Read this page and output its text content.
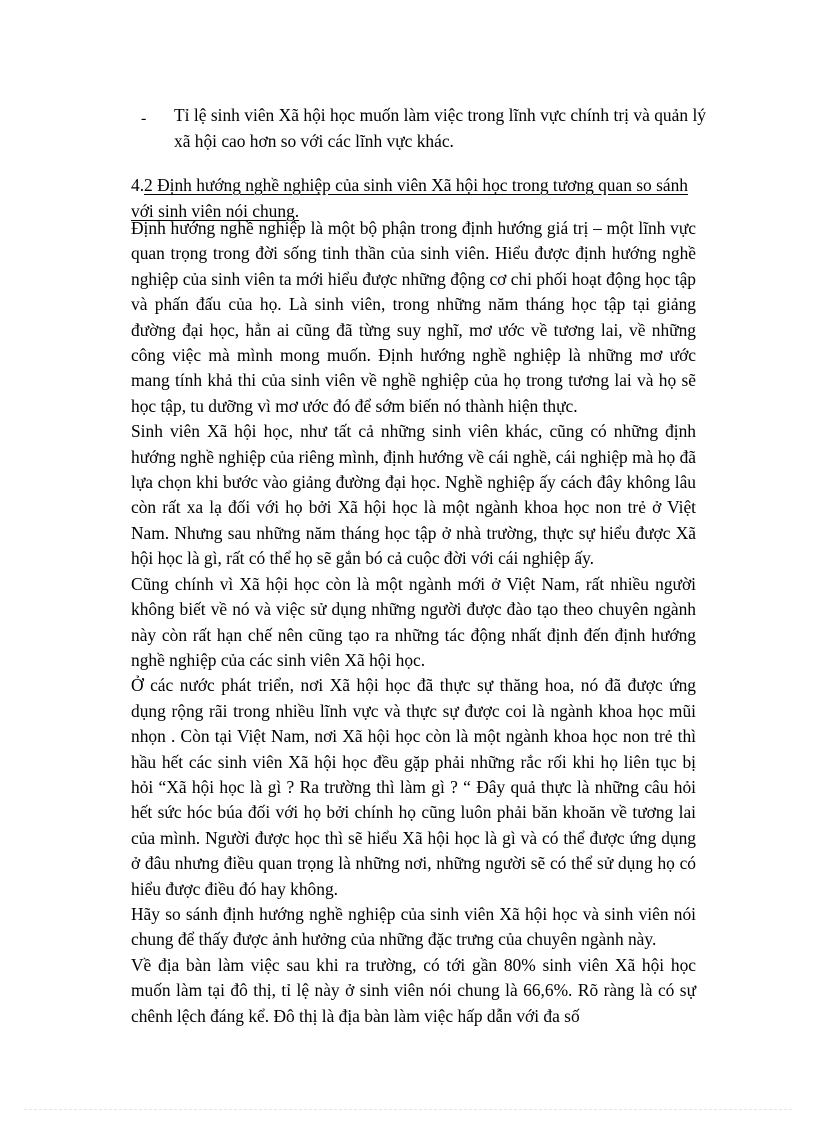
- Tỉ lệ sinh viên Xã hội học muốn làm việc trong lĩnh vực chính trị và quản lý xã hội cao hơn so với các lĩnh vực khác.
4.2 Định hướng nghề nghiệp của sinh viên Xã hội học trong tương quan so sánh với sinh viên nói chung.

Định hướng nghề nghiệp là một bộ phận trong định hướng giá trị – một lĩnh vực quan trọng trong đời sống tinh thần của sinh viên. Hiểu được định hướng nghề nghiệp của sinh viên ta mới hiểu được những động cơ chi phối hoạt động học tập và phấn đấu của họ. Là sinh viên, trong những năm tháng học tập tại giảng đường đại học, hẳn ai cũng đã từng suy nghĩ, mơ ước về tương lai, về những công việc mà mình mong muốn. Định hướng nghề nghiệp là những mơ ước mang tính khả thi của sinh viên về nghề nghiệp của họ trong tương lai và họ sẽ học tập, tu dưỡng vì mơ ước đó để sớm biến nó thành hiện thực.

Sinh viên Xã hội học, như tất cả những sinh viên khác, cũng có những định hướng nghề nghiệp của riêng mình, định hướng về cái nghề, cái nghiệp mà họ đã lựa chọn khi bước vào giảng đường đại học. Nghề nghiệp ấy cách đây không lâu còn rất xa lạ đối với họ bởi Xã hội học là một ngành khoa học non trẻ ở Việt Nam. Nhưng sau những năm tháng học tập ở nhà trường, thực sự hiểu được Xã hội học là gì, rất có thể họ sẽ gắn bó cả cuộc đời với cái nghiệp ấy.

Cũng chính vì Xã hội học còn là một ngành mới ở Việt Nam, rất nhiều người không biết về nó và việc sử dụng những người được đào tạo theo chuyên ngành này còn rất hạn chế nên cũng tạo ra những tác động nhất định đến định hướng nghề nghiệp của các sinh viên Xã hội học.

Ở các nước phát triển, nơi Xã hội học đã thực sự thăng hoa, nó đã được ứng dụng rộng rãi trong nhiều lĩnh vực và thực sự được coi là ngành khoa học mũi nhọn . Còn tại Việt Nam, nơi Xã hội học còn là một ngành khoa học non trẻ thì hầu hết các sinh viên Xã hội học đều gặp phải những rắc rối khi họ liên tục bị hỏi “Xã hội học là gì ? Ra trường thì làm gì ? “ Đây quả thực là những câu hỏi hết sức hóc búa đối với họ bởi chính họ cũng luôn phải băn khoăn về tương lai của mình. Người được học thì sẽ hiểu Xã hội học là gì và có thể được ứng dụng ở đâu nhưng điều quan trọng là những nơi, những người sẽ có thể sử dụng họ có hiểu được điều đó hay không.

Hãy so sánh định hướng nghề nghiệp của sinh viên Xã hội học và sinh viên nói chung để thấy được ảnh hưởng của những đặc trưng của chuyên ngành này.

Về địa bàn làm việc sau khi ra trường, có tới gần 80% sinh viên Xã hội học muốn làm tại đô thị, tỉ lệ này ở sinh viên nói chung là 66,6%. Rõ ràng là có sự chênh lệch đáng kể. Đô thị là địa bàn làm việc hấp dẫn với đa số
